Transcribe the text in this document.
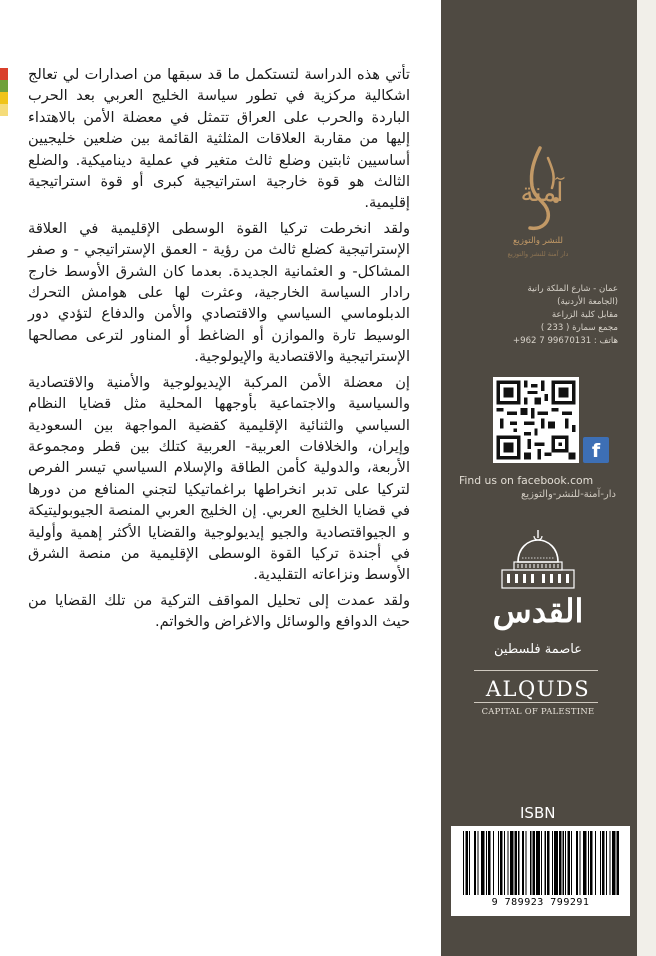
تأتي هذه الدراسة لتستكمل ما قد سبقها من اصدارات لي تعالج اشكالية مركزية في تطور سياسة الخليج العربي بعد الحرب الباردة والحرب على العراق تتمثل في معضلة الأمن بالاهتداء إليها من مقاربة العلاقات المثلثية القائمة بين ضلعين خليجيين أساسيين ثابتين وضلع ثالث متغير في عملية ديناميكية. والضلع الثالث هو قوة خارجية استراتيجية كبرى أو قوة استراتيجية إقليمية.

ولقد انخرطت تركيا القوة الوسطى الإقليمية في العلاقة الإستراتيجية كضلع ثالث من رؤية - العمق الإستراتيجي - و صفر المشاكل- و العثمانية الجديدة. بعدما كان الشرق الأوسط خارج رادار السياسة الخارجية، وعثرت لها على هوامش التحرك الدبلوماسي السياسي والاقتصادي والأمن والدفاع لتؤدي دور الوسيط تارة والموازن أو الضاغط أو المناور لترعى مصالحها الإستراتيجية والاقتصادية والإيولوجية.

إن معضلة الأمن المركبة الإيديولوجية والأمنية والاقتصادية والسياسية والاجتماعية بأوجهها المحلية مثل قضايا النظام السياسي والثنائية الإقليمية كقضية المواجهة بين السعودية وإيران، والخلافات العربية- العربية كتلك بين قطر ومجموعة الأربعة، والدولية كأمن الطاقة والإسلام السياسي تيسر الفرص لتركيا على تدبر انخراطها براغماتيكيا لتجني المنافع من دورها في قضايا الخليج العربي. إن الخليج العربي المنصة الجيوبوليتيكة و الجيواقتصادية والجيو إيديولوجية والقضايا الأكثر إهمية وأولية في أجندة تركيا القوة الوسطى الإقليمية من منصة الشرق الأوسط ونزاعاته التقليدية.

ولقد عمدت إلى تحليل المواقف التركية من تلك القضايا من حيث الدوافع والوسائل والاغراض والخواتم.

آمنة
للنشر والتوزيع
دار آمنة للنشر والتوزيع
عمان - شارع الملكة رانية
(الجامعة الأردنية)
مقابل كلية الزراعة
مجمع سمارة ( 233 )
هاتف : 99670131 7 962+
f
Find us on facebook.com
دار-آمنة-للنشر-والتوزيع
القدس
عاصمة فلسطين
ALQUDS
CAPITAL OF PALESTINE
ISBN
9 789923 799291
